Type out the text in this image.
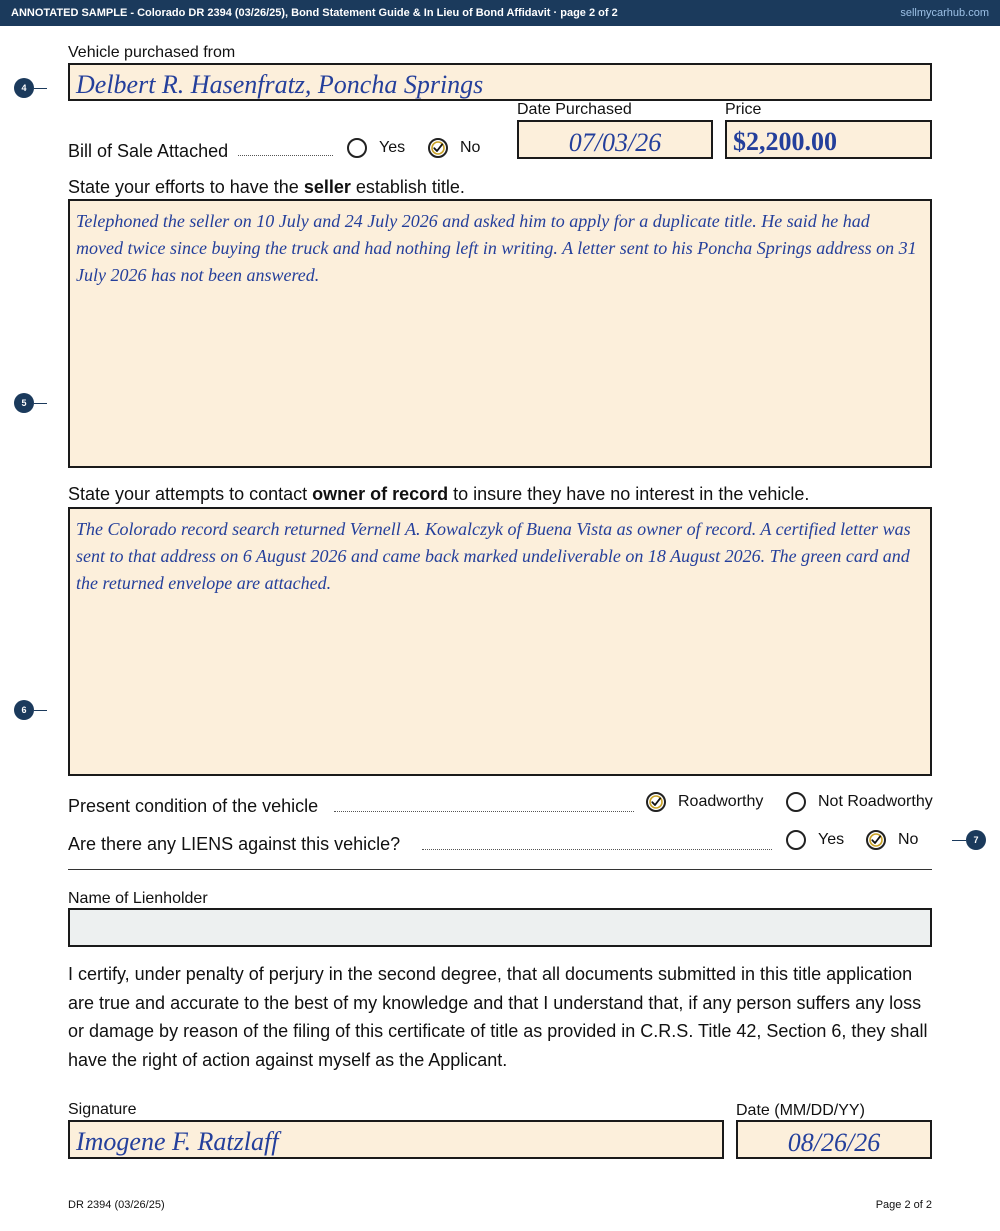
ANNOTATED SAMPLE - Colorado DR 2394 (03/26/25), Bond Statement Guide & In Lieu of Bond Affidavit · page 2 of 2	sellmycarhub.com
4
5
6
7
Vehicle purchased from
Delbert R. Hasenfratz, Poncha Springs
Bill of Sale Attached	Yes	No
Date Purchased
07/03/26
Price
$2,200.00
State your efforts to have the seller establish title.
Telephoned the seller on 10 July and 24 July 2026 and asked him to apply for a duplicate title. He said he had moved twice since buying the truck and had nothing left in writing. A letter sent to his Poncha Springs address on 31 July 2026 has not been answered.
State your attempts to contact owner of record to insure they have no interest in the vehicle.
The Colorado record search returned Vernell A. Kowalczyk of Buena Vista as owner of record. A certified letter was sent to that address on 6 August 2026 and came back marked undeliverable on 18 August 2026. The green card and the returned envelope are attached.
Present condition of the vehicle	Roadworthy	Not Roadworthy
Are there any LIENS against this vehicle?	Yes	No
Name of Lienholder
I certify, under penalty of perjury in the second degree, that all documents submitted in this title application are true and accurate to the best of my knowledge and that I understand that, if any person suffers any loss or damage by reason of the filing of this certificate of title as provided in C.R.S. Title 42, Section 6, they shall have the right of action against myself as the Applicant.
Signature
Imogene F. Ratzlaff
Date (MM/DD/YY)
08/26/26
DR 2394 (03/26/25)	Page 2 of 2
